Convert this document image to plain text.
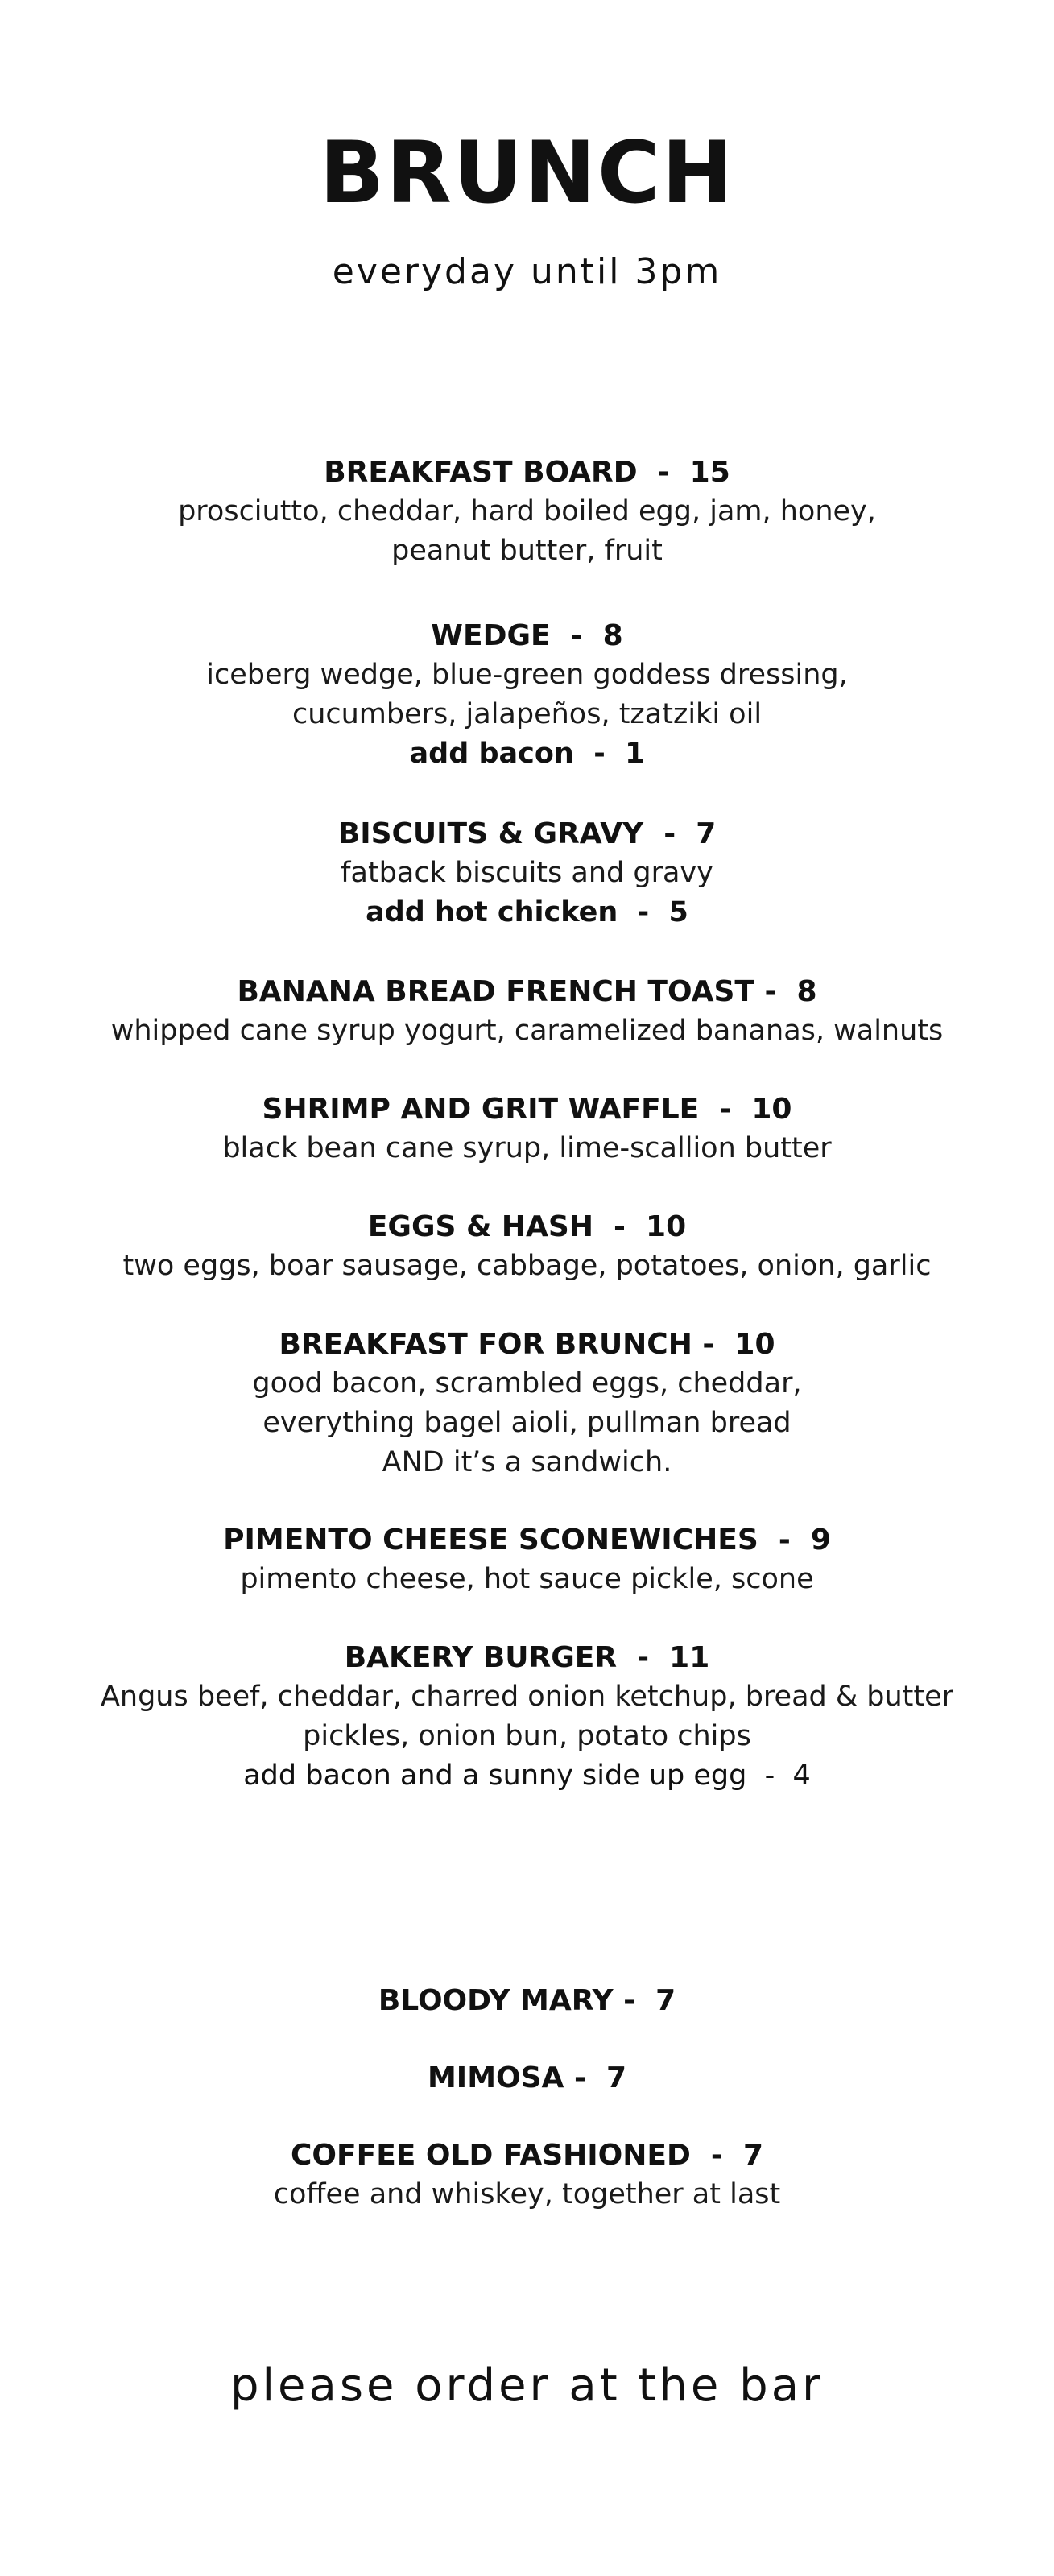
BRUNCH
everyday until 3pm
BREAKFAST BOARD  -  15
prosciutto, cheddar, hard boiled egg, jam, honey,
peanut butter, fruit
WEDGE  -  8
iceberg wedge, blue-green goddess dressing,
cucumbers, jalapeños, tzatziki oil
add bacon  -  1
BISCUITS & GRAVY  -  7
fatback biscuits and gravy
add hot chicken  -  5
BANANA BREAD FRENCH TOAST -  8
whipped cane syrup yogurt, caramelized bananas, walnuts
SHRIMP AND GRIT WAFFLE  -  10
black bean cane syrup, lime-scallion butter
EGGS & HASH  -  10
two eggs, boar sausage, cabbage, potatoes, onion, garlic
BREAKFAST FOR BRUNCH -  10
good bacon, scrambled eggs, cheddar,
everything bagel aioli, pullman bread
AND it’s a sandwich.
PIMENTO CHEESE SCONEWICHES  -  9
pimento cheese, hot sauce pickle, scone
BAKERY BURGER  -  11
Angus beef, cheddar, charred onion ketchup, bread & butter
pickles, onion bun, potato chips
add bacon and a sunny side up egg  -  4
BLOODY MARY -  7
MIMOSA -  7
COFFEE OLD FASHIONED  -  7
coffee and whiskey, together at last
please order at the bar
